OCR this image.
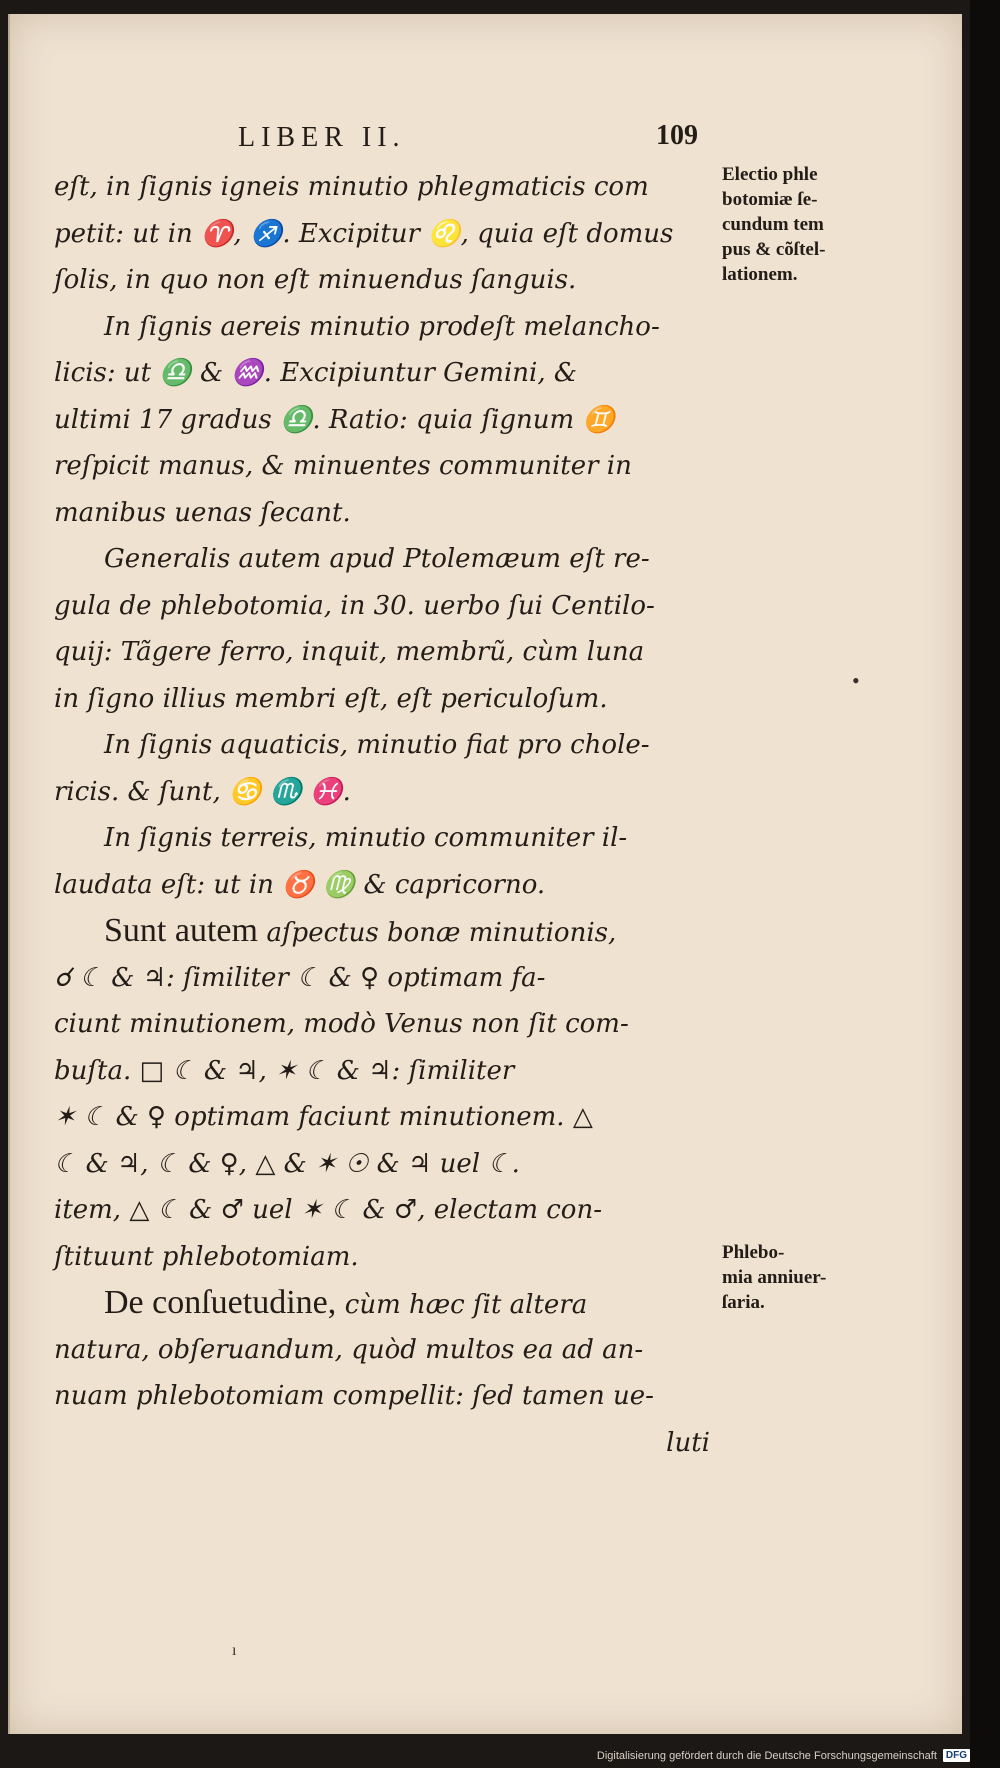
LIBER II.	109
eſt, in ſignis igneis minutio phlegmaticis com
petit: ut in ♈, ♐. Excipitur ♌, quia eſt domus
ſolis, in quo non eſt minuendus ſanguis.
In ſignis aereis minutio prodeſt melancho-
licis: ut ♎ & ♒. Excipiuntur Gemini, &
ultimi 17 gradus ♎. Ratio: quia ſignum ♊
reſpicit manus, & minuentes communiter in
manibus uenas ſecant.
Generalis autem apud Ptolemæum eſt re-
gula de phlebotomia, in 30. uerbo ſui Centilo-
quij: Tãgere ferro, inquit, membrũ, cùm luna
in ſigno illius membri eſt, eſt periculoſum.
In ſignis aquaticis, minutio fiat pro chole-
ricis. & ſunt, ♋ ♏ ♓.
In ſignis terreis, minutio communiter il-
laudata eſt: ut in ♉ ♍ & capricorno.
Sunt autem aſpectus bonæ minutionis,
☌ ☾ & ♃: ſimiliter ☾ & ♀ optimam fa-
ciunt minutionem, modò Venus non ſit com-
buſta. □ ☾ & ♃, ✶ ☾ & ♃: ſimiliter
✶ ☾ & ♀ optimam faciunt minutionem. △
☾ & ♃, ☾ & ♀, △ & ✶ ☉ & ♃ uel ☾.
item, △ ☾ & ♂ uel ✶ ☾ & ♂, electam con-
ſtituunt phlebotomiam.
De conſuetudine, cùm hæc ſit altera
natura, obſeruandum, quòd multos ea ad an-
nuam phlebotomiam compellit: ſed tamen ue-
luti
Electio phle
botomiæ ſe-
cundum tem
pus & cõſtel-
lationem.
Phlebo-
mia anniuer-
ſaria.
•
ı
Digitalisierung gefördert durch die Deutsche Forschungsgemeinschaft DFG
